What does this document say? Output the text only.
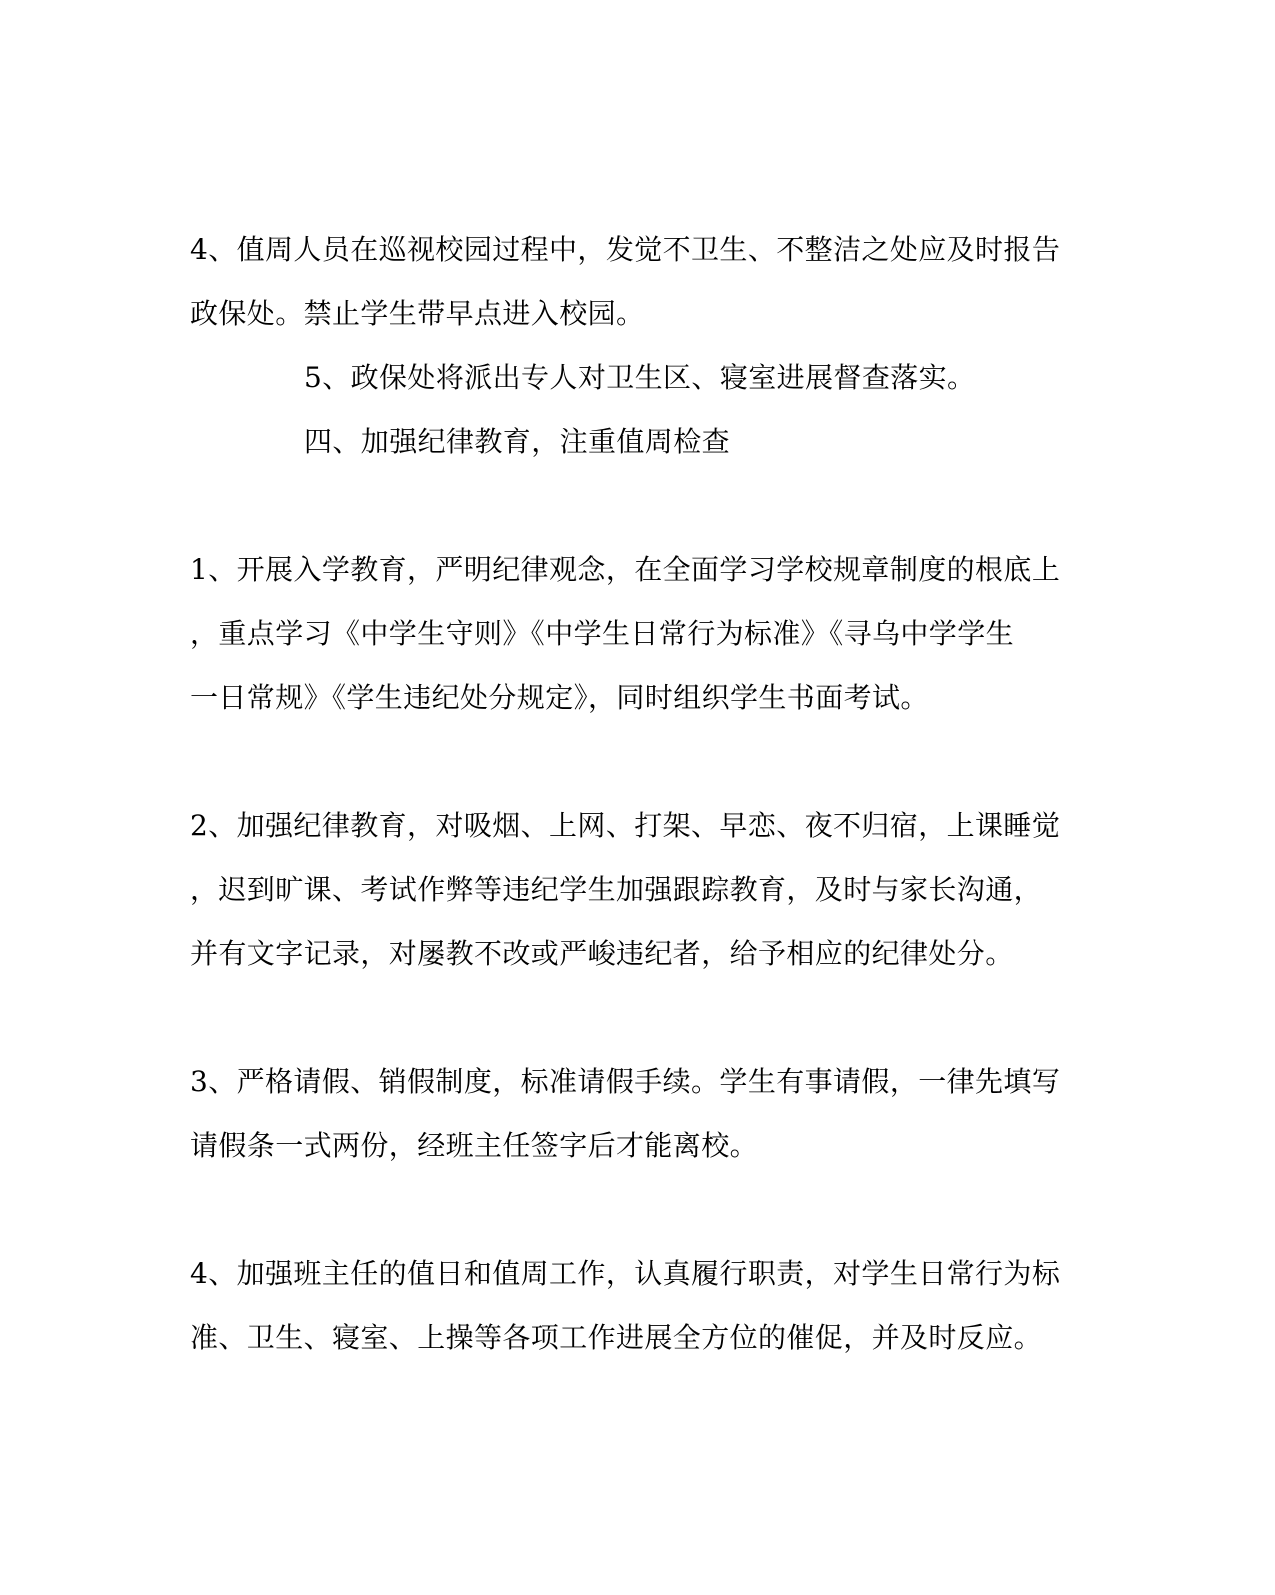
4、值周人员在巡视校园过程中，发觉不卫生、不整洁之处应及时报告
政保处。禁止学生带早点进入校园。
5、政保处将派出专人对卫生区、寝室进展督查落实。
四、加强纪律教育，注重值周检查
1、开展入学教育，严明纪律观念，在全面学习学校规章制度的根底上
，重点学习《中学生守则》《中学生日常行为标准》《寻乌中学学生
一日常规》《学生违纪处分规定》，同时组织学生书面考试。
2、加强纪律教育，对吸烟、上网、打架、早恋、夜不归宿，上课睡觉
，迟到旷课、考试作弊等违纪学生加强跟踪教育，及时与家长沟通，
并有文字记录，对屡教不改或严峻违纪者，给予相应的纪律处分。
3、严格请假、销假制度，标准请假手续。学生有事请假，一律先填写
请假条一式两份，经班主任签字后才能离校。
4、加强班主任的值日和值周工作，认真履行职责，对学生日常行为标
准、卫生、寝室、上操等各项工作进展全方位的催促，并及时反应。
